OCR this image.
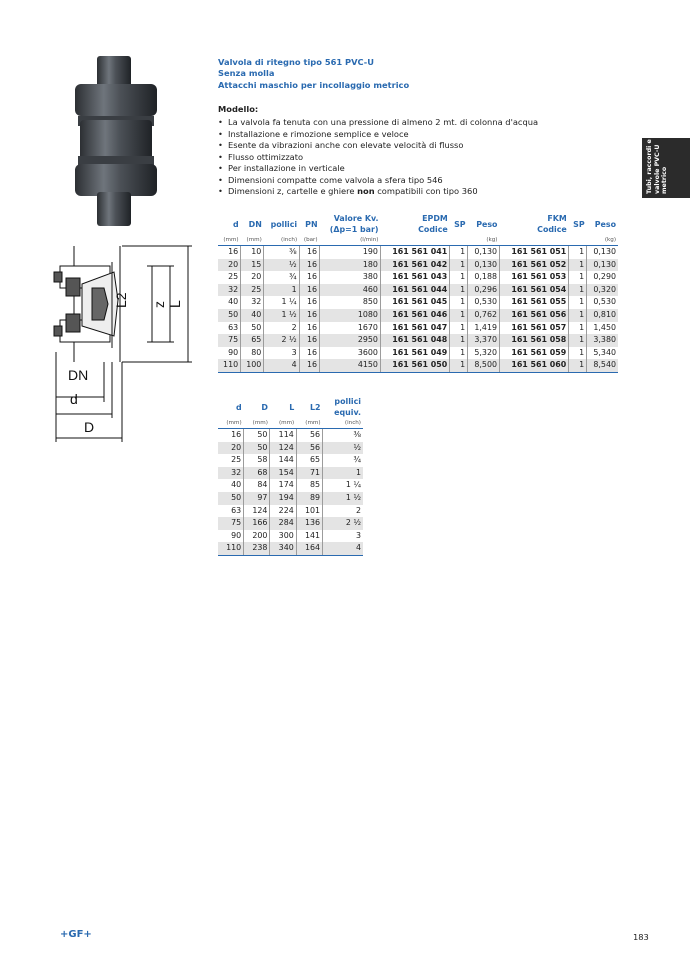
Tubi, raccordi e valvole PVC-U metrico
L2 z L
DN
d
D
Valvola di ritegno tipo 561 PVC-U
Senza molla
Attacchi maschio per incollaggio metrico
Modello:
• La valvola fa tenuta con una pressione di almeno 2 mt. di colonna d'acqua
• Installazione e rimozione semplice e veloce
• Esente da vibrazioni anche con elevate velocità di flusso
• Flusso ottimizzato
• Per installazione in verticale
• Dimensioni compatte come valvola a sfera tipo 546
• Dimensioni z, cartelle e ghiere non compatibili con tipo 360
d	DN	pollici	PN	Valore Kv.
(Δp=1 bar)	EPDM
Codice	SP	Peso	FKM
Codice	SP	Peso

(mm)	(mm)	(inch)	(bar)	(l/min)			(kg)			(kg)

16	10	⅜	16	190	161 561 041	1	0,130	161 561 051	1	0,130
20	15	½	16	180	161 561 042	1	0,130	161 561 052	1	0,130
25	20	¾	16	380	161 561 043	1	0,188	161 561 053	1	0,290
32	25	1	16	460	161 561 044	1	0,296	161 561 054	1	0,320
40	32	1 ¼	16	850	161 561 045	1	0,530	161 561 055	1	0,530
50	40	1 ½	16	1080	161 561 046	1	0,762	161 561 056	1	0,810
63	50	2	16	1670	161 561 047	1	1,419	161 561 057	1	1,450
75	65	2 ½	16	2950	161 561 048	1	3,370	161 561 058	1	3,380
90	80	3	16	3600	161 561 049	1	5,320	161 561 059	1	5,340
110	100	4	16	4150	161 561 050	1	8,500	161 561 060	1	8,540
d	D	L	L2	pollici
equiv.

(mm)	(mm)	(mm)	(mm)	(inch)

16	50	114	56	⅜
20	50	124	56	½
25	58	144	65	¾
32	68	154	71	1
40	84	174	85	1 ¼
50	97	194	89	1 ½
63	124	224	101	2
75	166	284	136	2 ½
90	200	300	141	3
110	238	340	164	4
+GF+	183
